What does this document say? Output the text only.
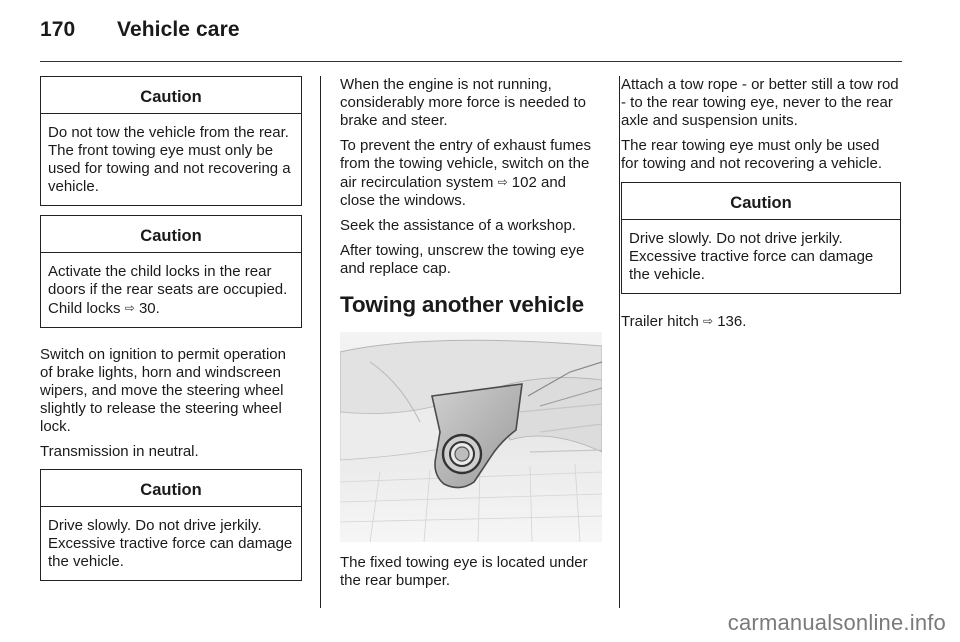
170	Vehicle care
Caution
Do not tow the vehicle from the rear. The front towing eye must only be used for towing and not recovering a vehicle.
Caution
Activate the child locks in the rear doors if the rear seats are occupied. Child locks ⇨ 30.

Switch on ignition to permit operation of brake lights, horn and windscreen wipers, and move the steering wheel slightly to release the steering wheel lock.

Transmission in neutral.

Caution
Drive slowly. Do not drive jerkily. Excessive tractive force can damage the vehicle.

When the engine is not running, considerably more force is needed to brake and steer.

To prevent the entry of exhaust fumes from the towing vehicle, switch on the air recirculation system ⇨ 102 and close the windows.

Seek the assistance of a workshop.

After towing, unscrew the towing eye and replace cap.

Towing another vehicle

The fixed towing eye is located under the rear bumper.

Attach a tow rope - or better still a tow rod - to the rear towing eye, never to the rear axle and suspension units.

The rear towing eye must only be used for towing and not recovering a vehicle.

Caution
Drive slowly. Do not drive jerkily. Excessive tractive force can damage the vehicle.

Trailer hitch ⇨ 136.

carmanualsonline.info
